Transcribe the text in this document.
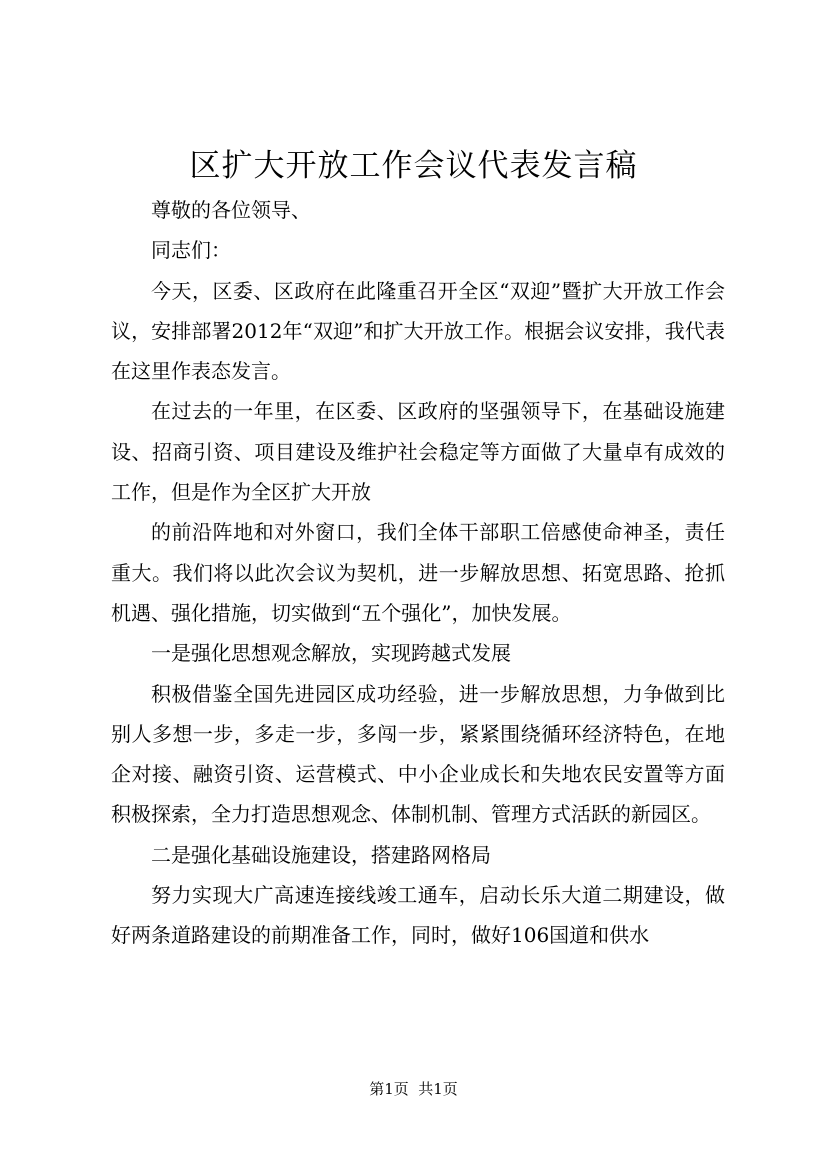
区扩大开放工作会议代表发言稿

尊敬的各位领导、

同志们：

今天，区委、区政府在此隆重召开全区“双迎”暨扩大开放工作会议，安排部署2012年“双迎”和扩大开放工作。根据会议安排，我代表在这里作表态发言。

在过去的一年里，在区委、区政府的坚强领导下，在基础设施建设、招商引资、项目建设及维护社会稳定等方面做了大量卓有成效的工作，但是作为全区扩大开放

的前沿阵地和对外窗口，我们全体干部职工倍感使命神圣，责任重大。我们将以此次会议为契机，进一步解放思想、拓宽思路、抢抓机遇、强化措施，切实做到“五个强化”，加快发展。

一是强化思想观念解放，实现跨越式发展

积极借鉴全国先进园区成功经验，进一步解放思想，力争做到比别人多想一步，多走一步，多闯一步，紧紧围绕循环经济特色，在地企对接、融资引资、运营模式、中小企业成长和失地农民安置等方面积极探索，全力打造思想观念、体制机制、管理方式活跃的新园区。

二是强化基础设施建设，搭建路网格局

努力实现大广高速连接线竣工通车，启动长乐大道二期建设，做好两条道路建设的前期准备工作，同时，做好106国道和供水

第1页  共1页
